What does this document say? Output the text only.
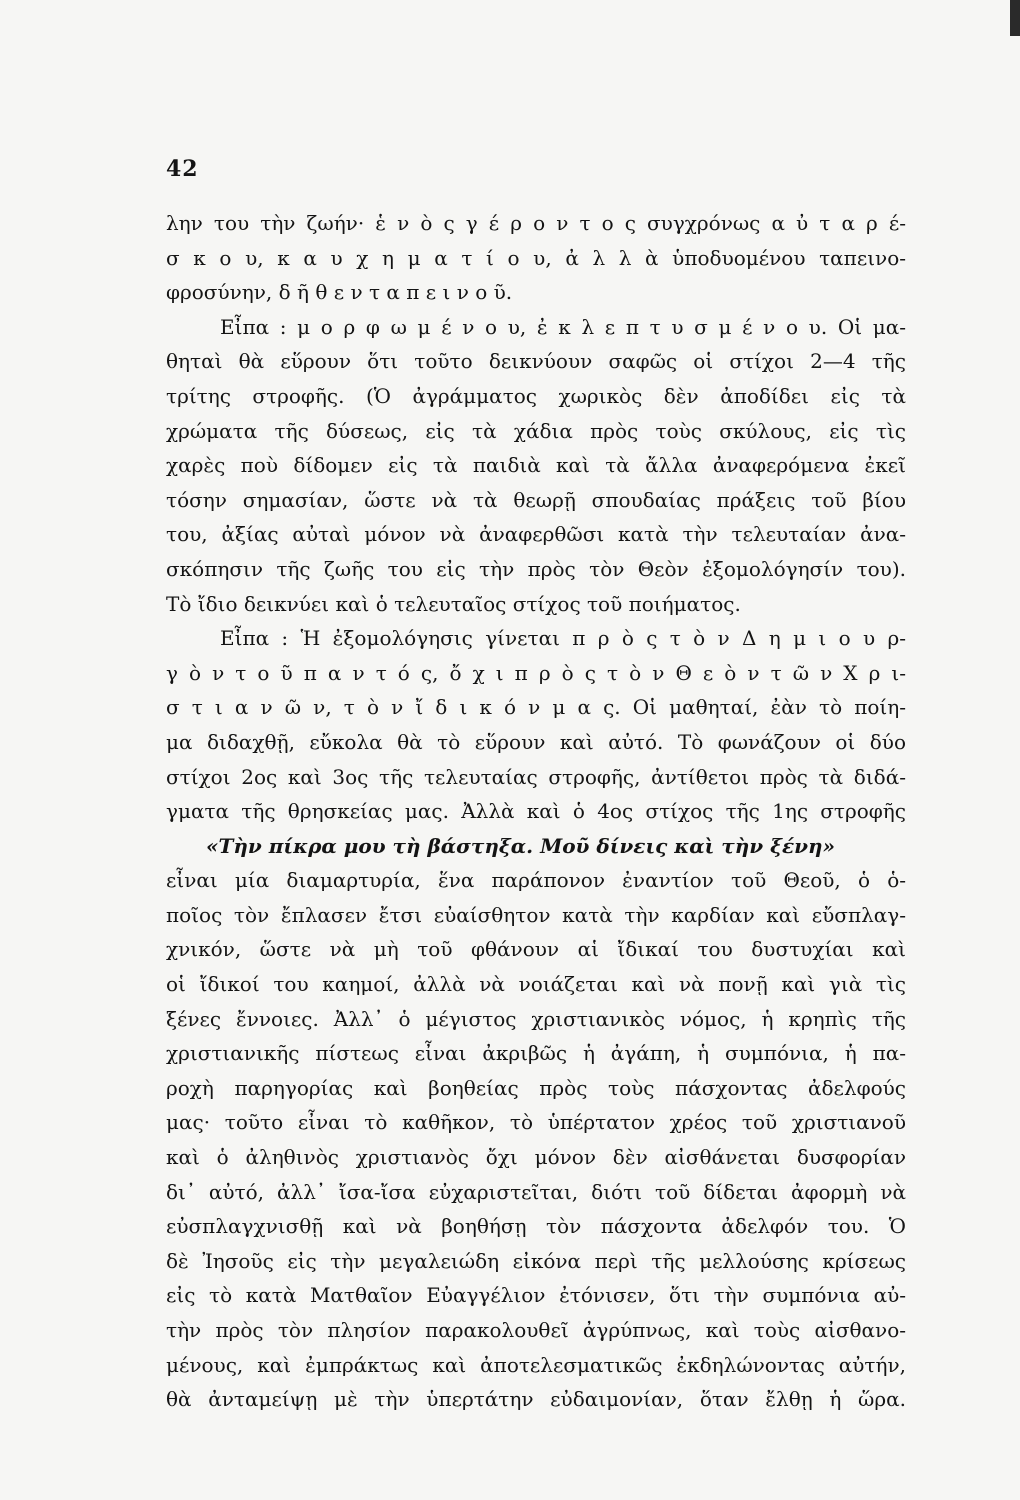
42
λην του τὴν ζωήν· ἑ ν ὸ ς γ έ ρ ο ν τ ο ς συγχρόνως α ὐ τ α ρ έ-
σ κ ο υ, κ α υ χ η μ α τ ί ο υ, ἀ λ λ ὰ ὑποδυομένου ταπεινο-
φροσύνην, δ ῆ θ ε ν τ α π ε ι ν ο ῦ.
Εἶπα : μ ο ρ φ ω μ έ ν ο υ, ἐ κ λ ε π τ υ σ μ έ ν ο υ. Οἱ μα-
θηταὶ θὰ εὕρουν ὅτι τοῦτο δεικνύουν σαφῶς οἱ στίχοι 2—4 τῆς
τρίτης στροφῆς. (Ὁ ἀγράμματος χωρικὸς δὲν ἀποδίδει εἰς τὰ
χρώματα τῆς δύσεως, εἰς τὰ χάδια πρὸς τοὺς σκύλους, εἰς τὶς
χαρὲς ποὺ δίδομεν εἰς τὰ παιδιὰ καὶ τὰ ἄλλα ἀναφερόμενα ἐκεῖ
τόσην σημασίαν, ὥστε νὰ τὰ θεωρῇ σπουδαίας πράξεις τοῦ βίου
του, ἀξίας αὐταὶ μόνον νὰ ἀναφερθῶσι κατὰ τὴν τελευταίαν ἀνα-
σκόπησιν τῆς ζωῆς του εἰς τὴν πρὸς τὸν Θεὸν ἐξομολόγησίν του).
Τὸ ἴδιο δεικνύει καὶ ὁ τελευταῖος στίχος τοῦ ποιήματος.
Εἶπα : Ἡ ἐξομολόγησις γίνεται π ρ ὸ ς τ ὸ ν Δ η μ ι ο υ ρ-
γ ὸ ν τ ο ῦ π α ν τ ό ς, ὄ χ ι π ρ ὸ ς τ ὸ ν Θ ε ὸ ν τ ῶ ν Χ ρ ι-
σ τ ι α ν ῶ ν, τ ὸ ν ἴ δ ι κ ό ν μ α ς. Οἱ μαθηταί, ἐὰν τὸ ποίη-
μα διδαχθῇ, εὔκολα θὰ τὸ εὕρουν καὶ αὐτό. Τὸ φωνάζουν οἱ δύο
στίχοι 2ος καὶ 3ος τῆς τελευταίας στροφῆς, ἀντίθετοι πρὸς τὰ διδά-
γματα τῆς θρησκείας μας. Ἀλλὰ καὶ ὁ 4ος στίχος τῆς 1ης στροφῆς
«Τὴν πίκρα μου τὴ βάστηξα. Μοῦ δίνεις καὶ τὴν ξένη»
εἶναι μία διαμαρτυρία, ἕνα παράπονον ἐναντίον τοῦ Θεοῦ, ὁ ὁ-
ποῖος τὸν ἔπλασεν ἔτσι εὐαίσθητον κατὰ τὴν καρδίαν καὶ εὔσπλαγ-
χνικόν, ὥστε νὰ μὴ τοῦ φθάνουν αἱ ἴδικαί του δυστυχίαι καὶ
οἱ ἴδικοί του καημοί, ἀλλὰ νὰ νοιάζεται καὶ νὰ πονῇ καὶ γιὰ τὶς
ξένες ἔννοιες. Ἀλλ᾿ ὁ μέγιστος χριστιανικὸς νόμος, ἡ κρηπὶς τῆς
χριστιανικῆς πίστεως εἶναι ἀκριβῶς ἡ ἀγάπη, ἡ συμπόνια, ἡ πα-
ροχὴ παρηγορίας καὶ βοηθείας πρὸς τοὺς πάσχοντας ἀδελφούς
μας· τοῦτο εἶναι τὸ καθῆκον, τὸ ὑπέρτατον χρέος τοῦ χριστιανοῦ
καὶ ὁ ἀληθινὸς χριστιανὸς ὄχι μόνον δὲν αἰσθάνεται δυσφορίαν
δι᾿ αὐτό, ἀλλ᾿ ἴσα-ἴσα εὐχαριστεῖται, διότι τοῦ δίδεται ἀφορμὴ νὰ
εὐσπλαγχνισθῇ καὶ νὰ βοηθήσῃ τὸν πάσχοντα ἀδελφόν του. Ὁ
δὲ Ἰησοῦς εἰς τὴν μεγαλειώδη εἰκόνα περὶ τῆς μελλούσης κρίσεως
εἰς τὸ κατὰ Ματθαῖον Εὐαγγέλιον ἐτόνισεν, ὅτι τὴν συμπόνια αὐ-
τὴν πρὸς τὸν πλησίον παρακολουθεῖ ἀγρύπνως, καὶ τοὺς αἰσθανο-
μένους, καὶ ἐμπράκτως καὶ ἀποτελεσματικῶς ἐκδηλώνοντας αὐτήν,
θὰ ἀνταμείψῃ μὲ τὴν ὑπερτάτην εὐδαιμονίαν, ὅταν ἔλθῃ ἡ ὥρα.
